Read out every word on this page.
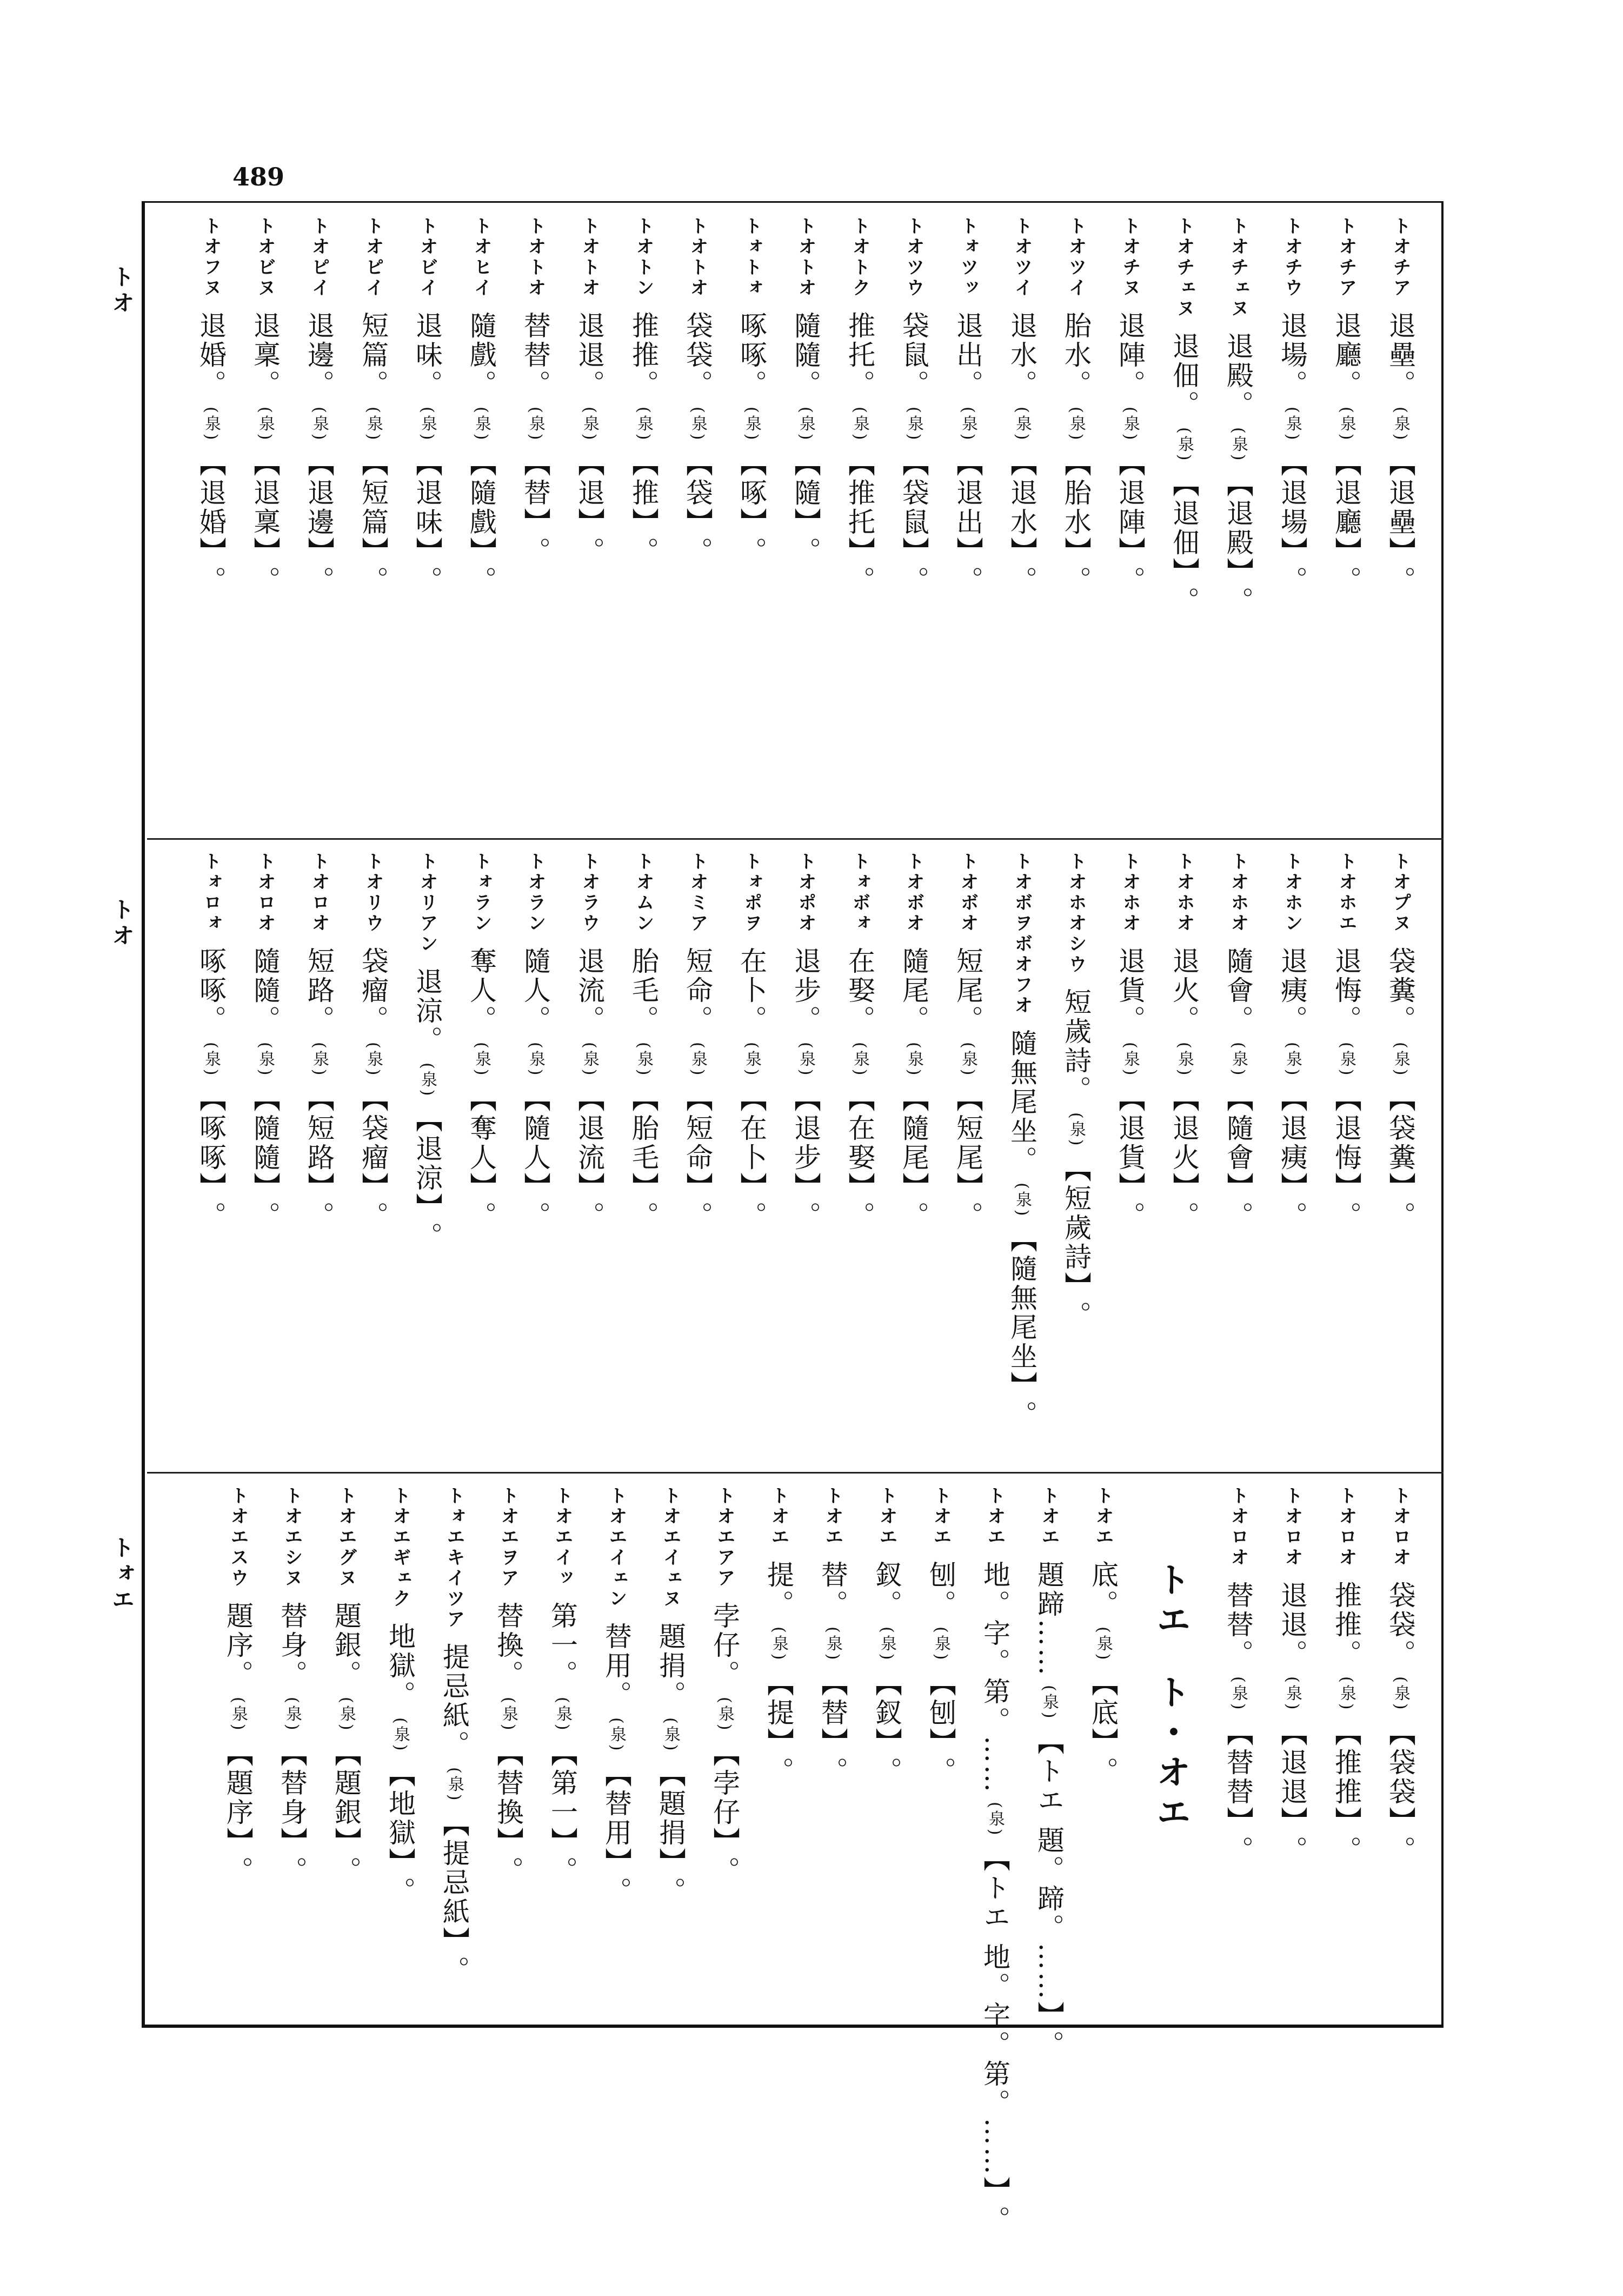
489
トオ
トオ
トォエ
トオチア
退壘。
(泉)
【 退壘 】
。
トオチア
退廳。
(泉)
【 退廳 】
。
トオチウ
退場。
(泉)
【 退場 】
。
トオチェヌ
退殿。
(泉)
【 退殿 】
。
トオチェヌ
退佃。
(泉)
【 退佃 】
。
トオチヌ
退陣。
(泉)
【 退陣 】
。
トオツイ
胎水。
(泉)
【 胎水 】
。
トオツイ
退水。
(泉)
【 退水 】
。
トォツッ
退出。
(泉)
【 退出 】
。
トオツウ
袋鼠。
(泉)
【 袋鼠 】
。
トオトク
推托。
(泉)
【 推托 】
。
トオトオ
隨隨。
(泉)
【 隨 】
。
トォトォ
啄啄。
(泉)
【 啄 】
。
トオトオ
袋袋。
(泉)
【 袋 】
。
トオトン
推推。
(泉)
【 推 】
。
トオトオ
退退。
(泉)
【 退 】
。
トオトオ
替替。
(泉)
【 替 】
。
トオヒイ
隨戲。
(泉)
【 隨戲 】
。
トオビイ
退味。
(泉)
【 退味 】
。
トオピイ
短篇。
(泉)
【 短篇 】
。
トオピイ
退邊。
(泉)
【 退邊 】
。
トオビヌ
退稟。
(泉)
【 退稟 】
。
トオフヌ
退婚。
(泉)
【 退婚 】
。
トオプヌ
袋糞。
(泉)
【 袋糞 】
。
トオホエ
退悔。
(泉)
【 退悔 】
。
トオホン
退痍。
(泉)
【 退痍 】
。
トオホオ
隨會。
(泉)
【 隨會 】
。
トオホオ
退火。
(泉)
【 退火 】
。
トオホオ
退貨。
(泉)
【 退貨 】
。
トオホオシウ
短歲詩。
(泉)
【 短歲詩 】
。
トオボヲボオフオ
隨無尾坐。
(泉)
【 隨無尾坐 】
。
トオボオ
短尾。
(泉)
【 短尾 】
。
トオボオ
隨尾。
(泉)
【 隨尾 】
。
トォボォ
在娶。
(泉)
【 在娶 】
。
トオポオ
退步。
(泉)
【 退步 】
。
トォポヲ
在卜。
(泉)
【 在卜 】
。
トオミア
短命。
(泉)
【 短命 】
。
トオムン
胎毛。
(泉)
【 胎毛 】
。
トオラウ
退流。
(泉)
【 退流 】
。
トオラン
隨人。
(泉)
【 隨人 】
。
トォラン
奪人。
(泉)
【 奪人 】
。
トオリアン
退涼。
(泉)
【 退涼 】
。
トオリウ
袋瘤。
(泉)
【 袋瘤 】
。
トオロオ
短路。
(泉)
【 短路 】
。
トオロオ
隨隨。
(泉)
【 隨隨 】
。
トォロォ
啄啄。
(泉)
【 啄啄 】
。
トオロオ
袋袋。
(泉)
【 袋袋 】
。
トオロオ
推推。
(泉)
【 推推 】
。
トオロオ
退退。
(泉)
【 退退 】
。
トオロオ
替替。
(泉)
【 替替 】
。
トエト・オエ
トオエ
底。
(泉)
【 底 】
。
トオエ
題蹄……
(泉)
【 トエ 題。蹄。…… 】
。
トオエ
地。字。第。……
(泉)
【 トエ 地。字。第。…… 】
。
トオエ
刨。
(泉)
【 刨 】
。
トオエ
釵。
(泉)
【 釵 】
。
トオエ
替。
(泉)
【 替 】
。
トオエ
提。
(泉)
【 提 】
。
トオエアア
孛仔。
(泉)
【 孛仔 】
。
トオエイェヌ
題捐。
(泉)
【 題捐 】
。
トオエイェン
替用。
(泉)
【 替用 】
。
トオエイッ
第一。
(泉)
【 第一 】
。
トオエヲア
替換。
(泉)
【 替換 】
。
トォエキイツア
提忌紙。
(泉)
【 提忌紙 】
。
トオエギェク
地獄。
(泉)
【 地獄 】
。
トオエグヌ
題銀。
(泉)
【 題銀 】
。
トオエシヌ
替身。
(泉)
【 替身 】
。
トオエスウ
題序。
(泉)
【 題序 】
。
